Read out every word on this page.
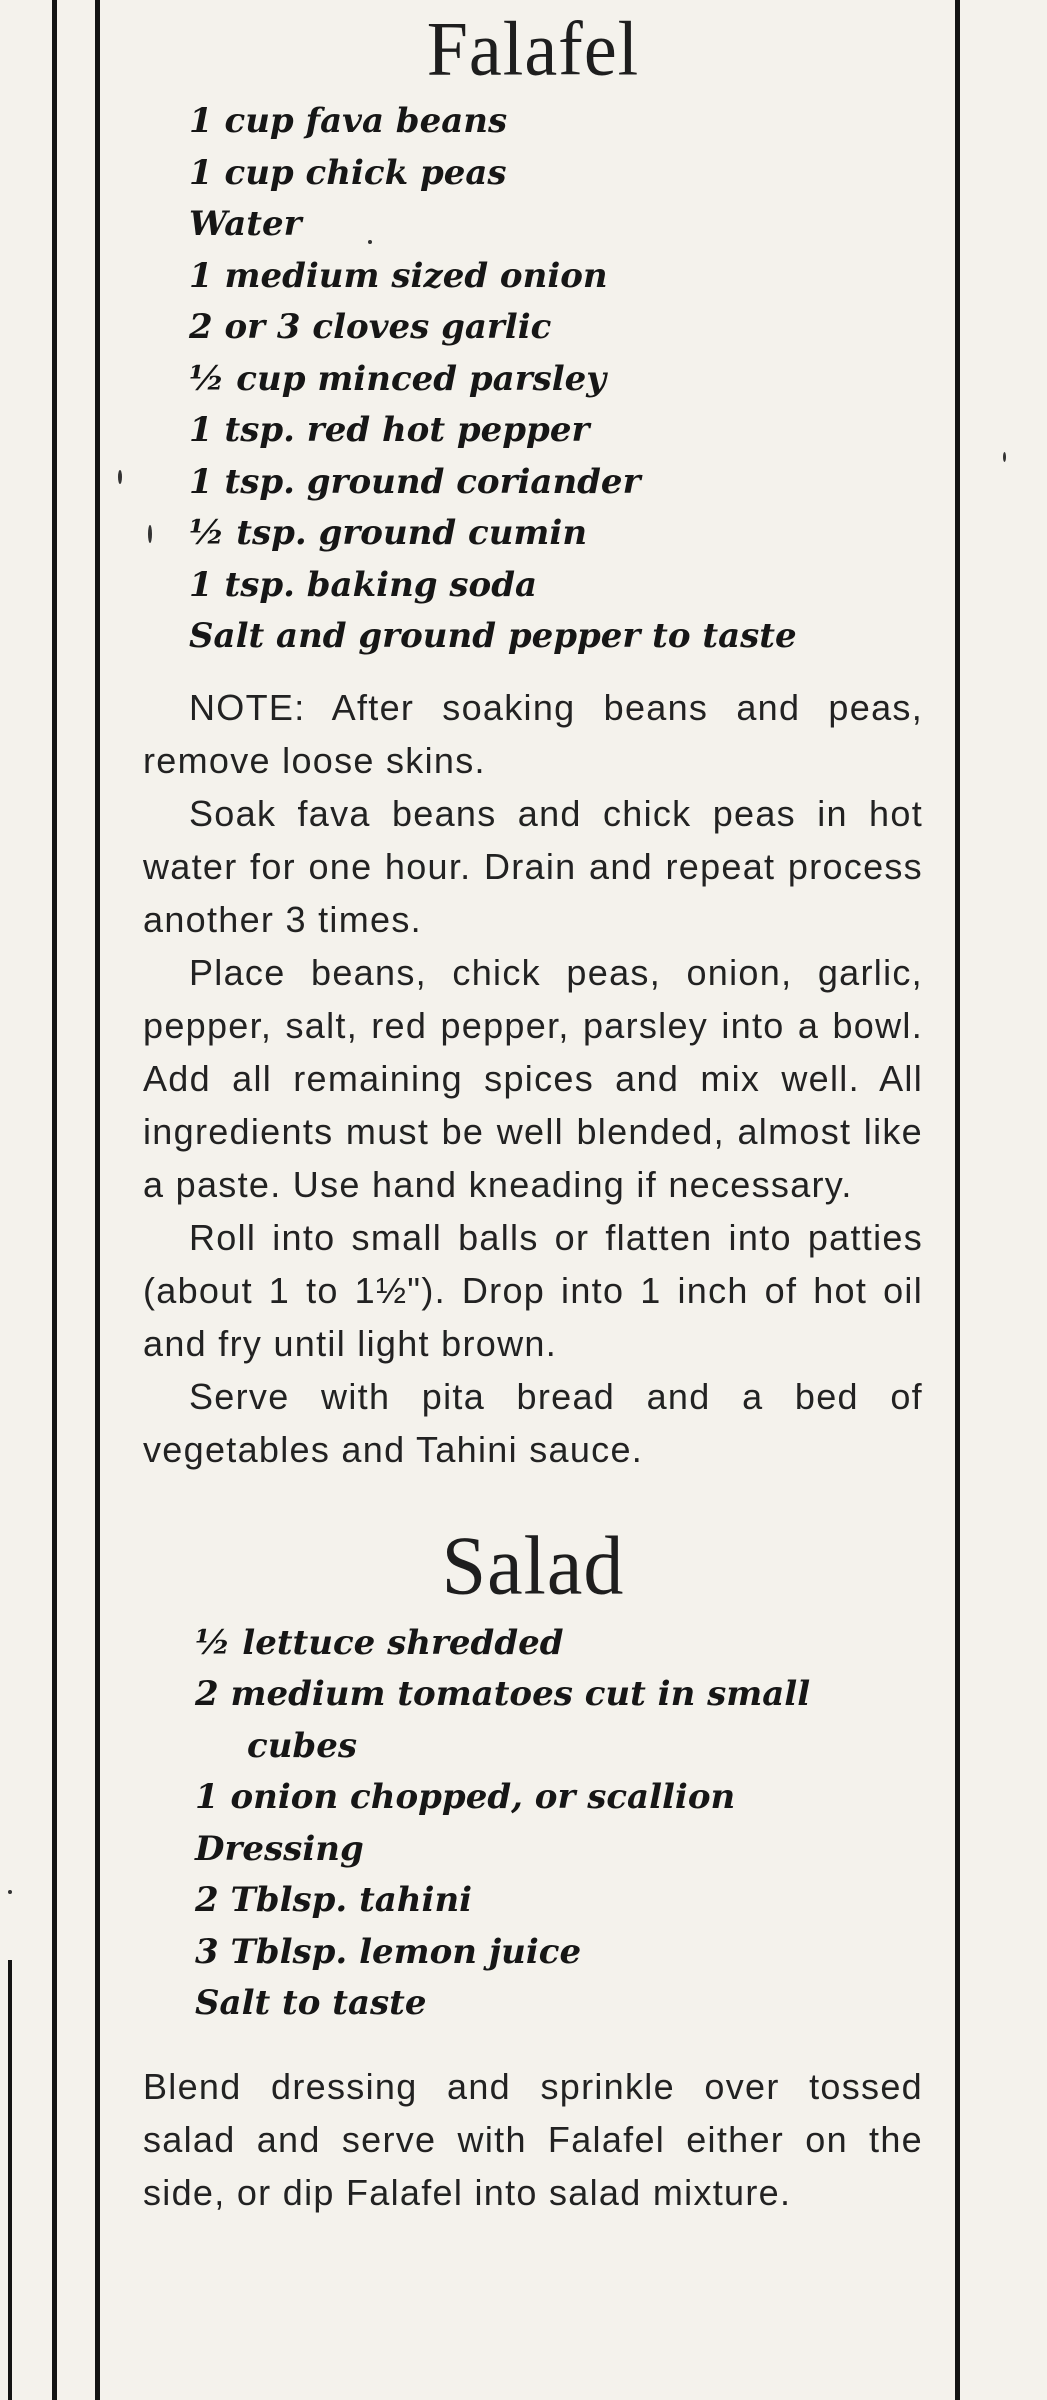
Falafel
1 cup fava beans
1 cup chick peas
Water
1 medium sized onion
2 or 3 cloves garlic
½ cup minced parsley
1 tsp. red hot pepper
1 tsp. ground coriander
½ tsp. ground cumin
1 tsp. baking soda
Salt and ground pepper to taste

NOTE: After soaking beans and peas, remove loose skins.

Soak fava beans and chick peas in hot water for one hour. Drain and repeat process another 3 times.

Place beans, chick peas, onion, garlic, pepper, salt, red pepper, parsley into a bowl. Add all remaining spices and mix well. All ingredients must be well blended, almost like a paste. Use hand kneading if necessary.

Roll into small balls or flatten into patties (about 1 to 1½"). Drop into 1 inch of hot oil and fry until light brown.

Serve with pita bread and a bed of vegetables and Tahini sauce.

Salad
½ lettuce shredded
2 medium tomatoes cut in small
cubes
1 onion chopped, or scallion
Dressing
2 Tblsp. tahini
3 Tblsp. lemon juice
Salt to taste

Blend dressing and sprinkle over tossed salad and serve with Falafel either on the side, or dip Falafel into salad mixture.
